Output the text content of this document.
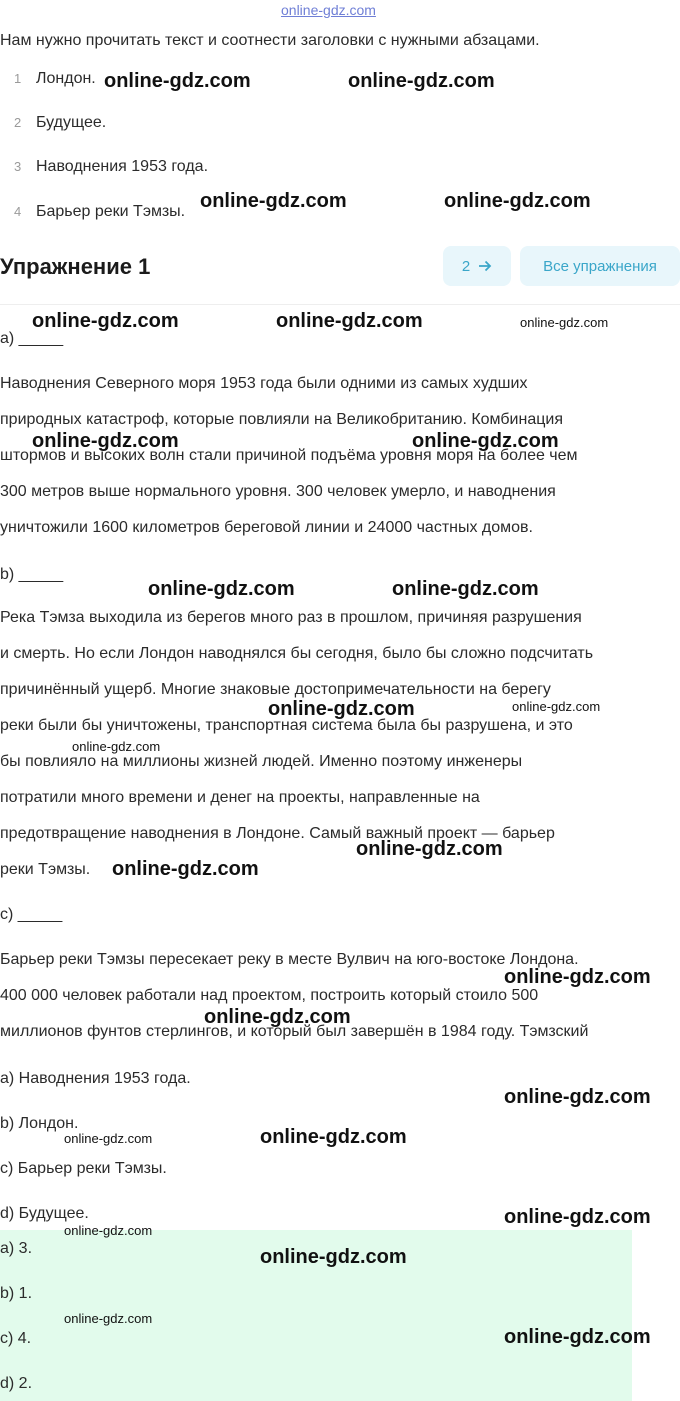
online-gdz.com
Нам нужно прочитать текст и соотнести заголовки с нужными абзацами.
1 Лондон.
2 Будущее.
3 Наводнения 1953 года.
4 Барьер реки Тэмзы.
Упражнение 1	2	Все упражнения
a) _____
Наводнения Северного моря 1953 года были одними из самых худших
природных катастроф, которые повлияли на Великобританию. Комбинация
штормов и высоких волн стали причиной подъёма уровня моря на более чем
300 метров выше нормального уровня. 300 человек умерло, и наводнения
уничтожили 1600 километров береговой линии и 24000 частных домов.
b) _____
Река Тэмза выходила из берегов много раз в прошлом, причиняя разрушения
и смерть. Но если Лондон наводнялся бы сегодня, было бы сложно подсчитать
причинённый ущерб. Многие знаковые достопримечательности на берегу
реки были бы уничтожены, транспортная система была бы разрушена, и это
бы повлияло на миллионы жизней людей. Именно поэтому инженеры
потратили много времени и денег на проекты, направленные на
предотвращение наводнения в Лондоне. Самый важный проект — барьер
реки Тэмзы.
c) _____
Барьер реки Тэмзы пересекает реку в месте Вулвич на юго-востоке Лондона.
400 000 человек работали над проектом, построить который стоило 500
миллионов фунтов стерлингов, и который был завершён в 1984 году. Тэмзский
a) Наводнения 1953 года.
b) Лондон.
c) Барьер реки Тэмзы.
d) Будущее.
a) 3.
b) 1.
c) 4.
d) 2.
online-gdz.com	online-gdz.com
online-gdz.com	online-gdz.com
online-gdz.com	online-gdz.com	online-gdz.com
online-gdz.com	online-gdz.com
online-gdz.com	online-gdz.com
online-gdz.com	online-gdz.com
online-gdz.com
online-gdz.com
online-gdz.com
online-gdz.com
online-gdz.com
online-gdz.com
online-gdz.com	online-gdz.com
online-gdz.com
online-gdz.com
online-gdz.com
online-gdz.com
online-gdz.com
